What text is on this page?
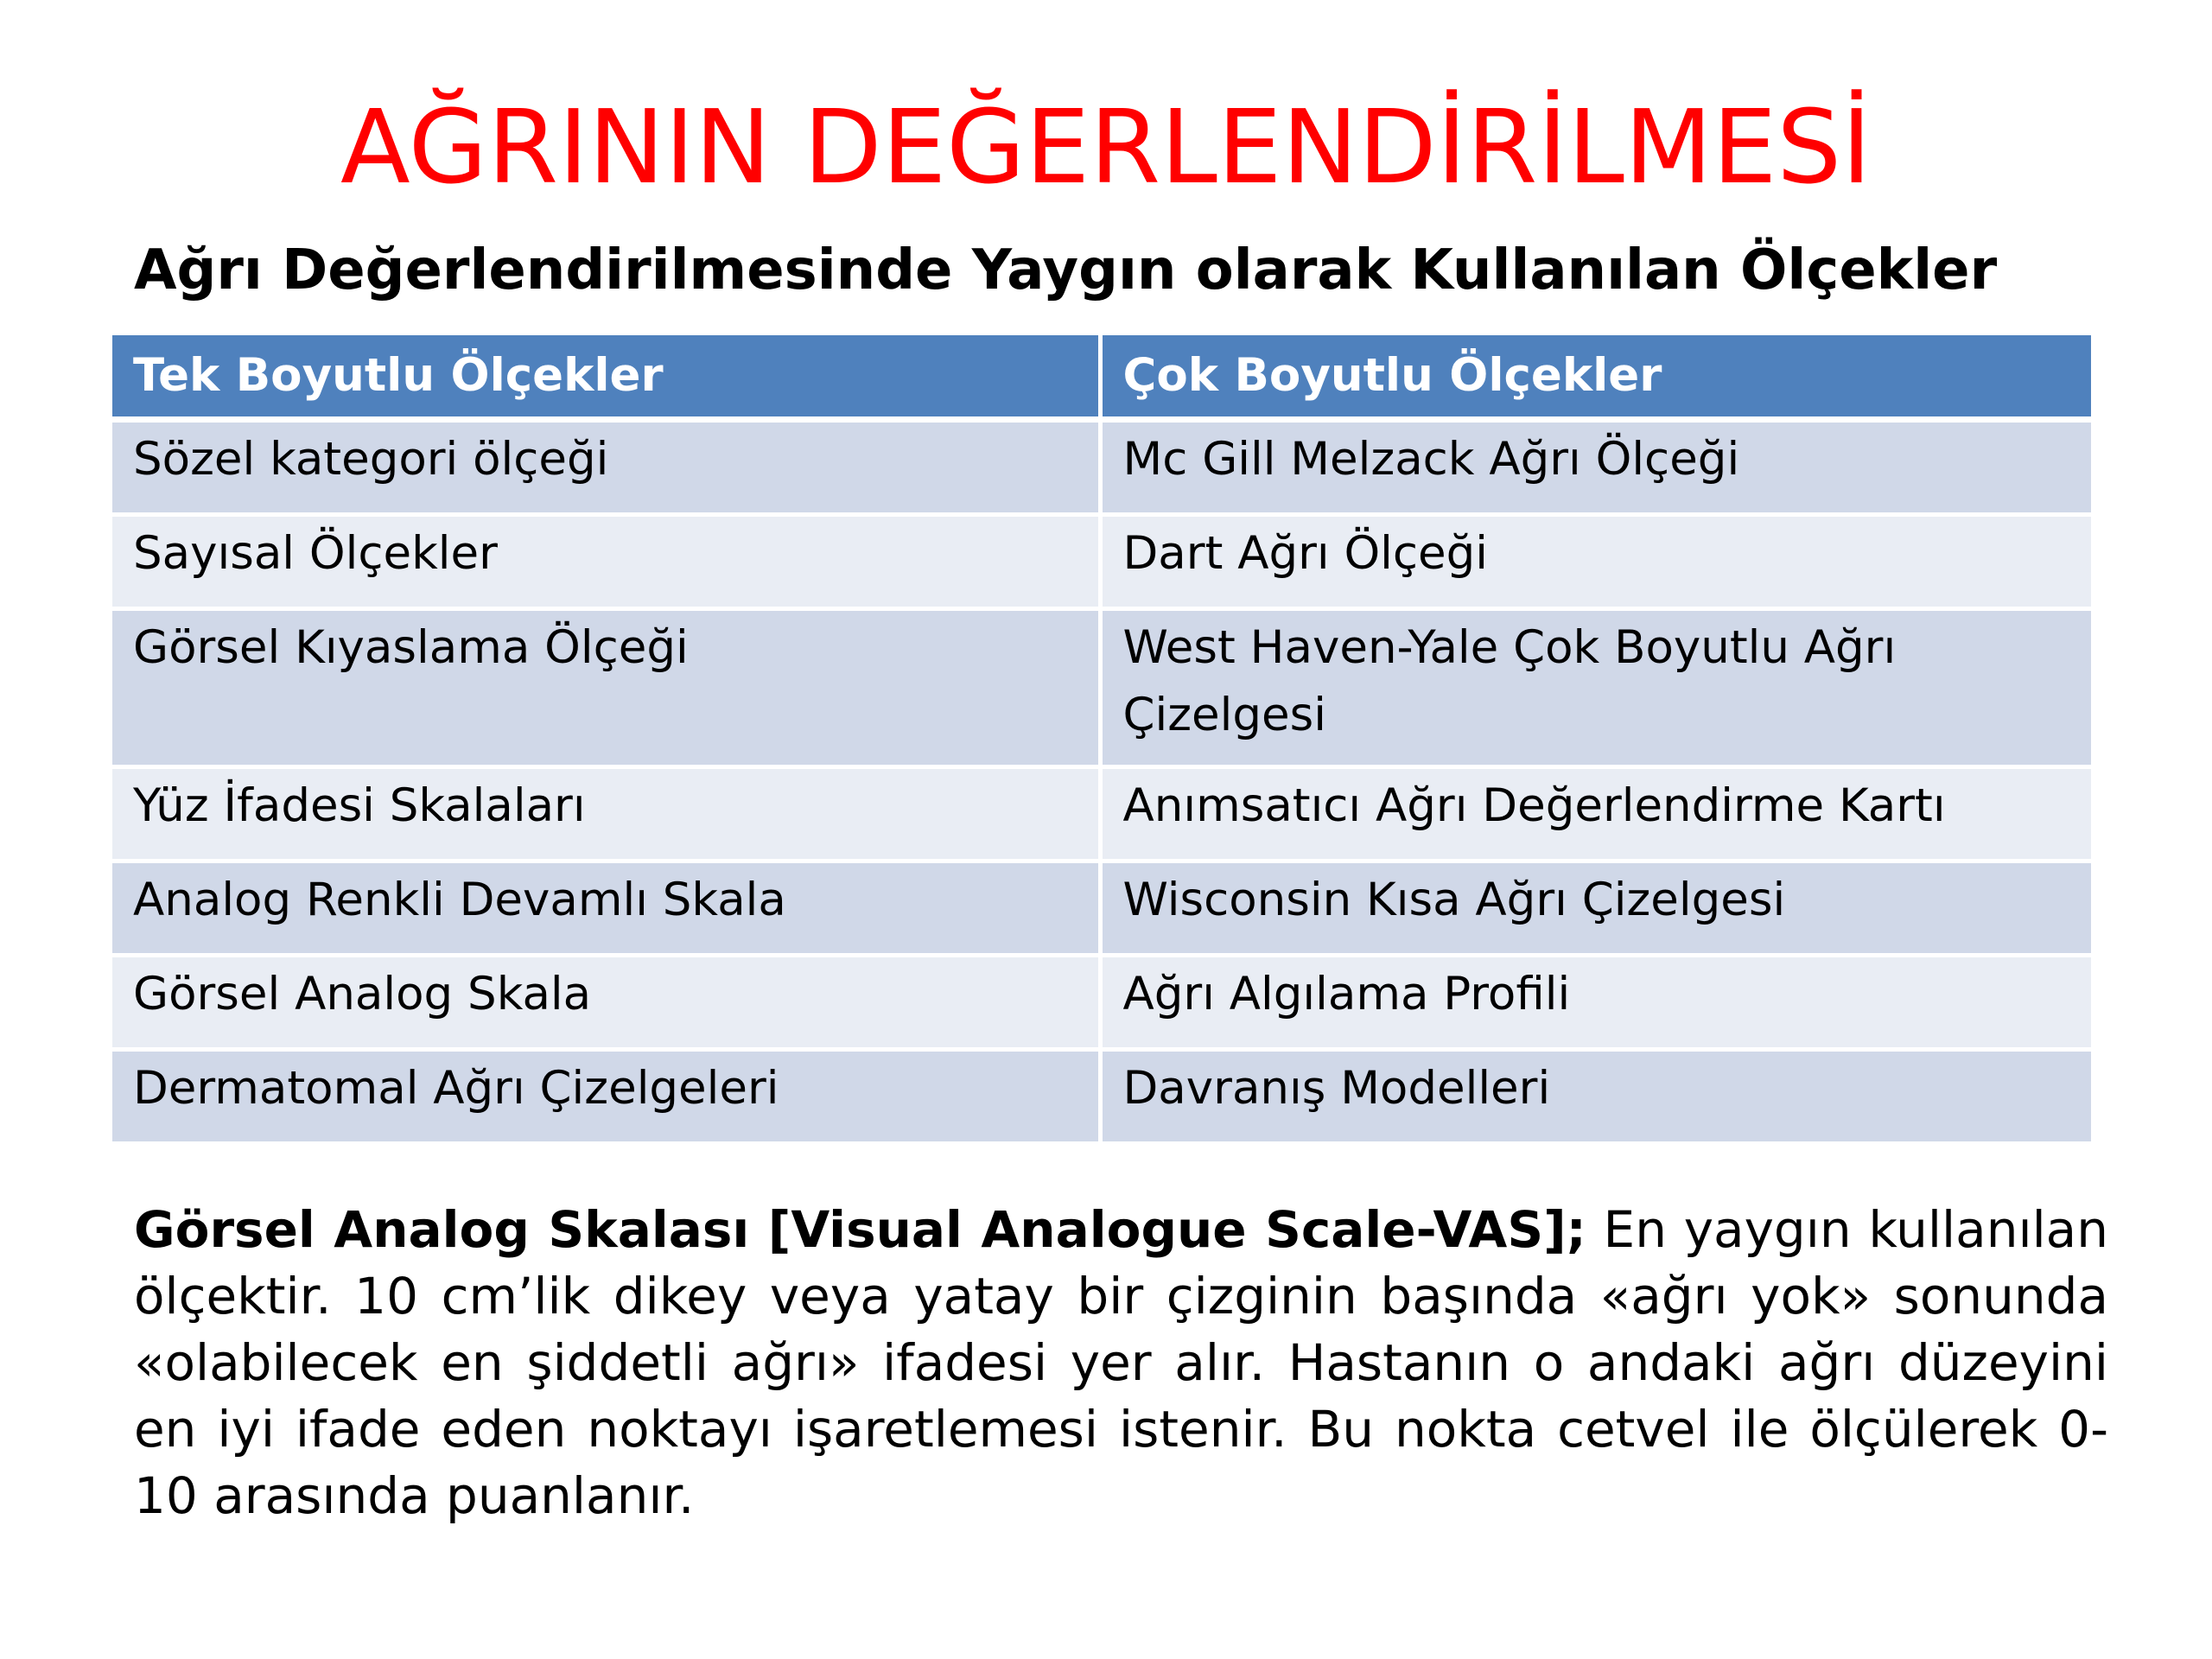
AĞRININ DEĞERLENDİRİLMESİ
Ağrı Değerlendirilmesinde Yaygın olarak Kullanılan Ölçekler
Tek Boyutlu Ölçekler	Çok Boyutlu Ölçekler
Sözel kategori ölçeği	Mc Gill Melzack Ağrı Ölçeği
Sayısal Ölçekler	Dart Ağrı Ölçeği
Görsel Kıyaslama Ölçeği	West Haven-Yale Çok Boyutlu Ağrı Çizelgesi
Yüz İfadesi Skalaları	Anımsatıcı Ağrı Değerlendirme Kartı
Analog Renkli Devamlı Skala	Wisconsin Kısa Ağrı Çizelgesi
Görsel Analog Skala	Ağrı Algılama Profili
Dermatomal Ağrı Çizelgeleri	Davranış Modelleri
Görsel Analog Skalası [Visual Analogue Scale-VAS]; En yaygın kullanılan ölçektir. 10 cm’lik dikey veya yatay bir çizginin başında «ağrı yok» sonunda «olabilecek en şiddetli ağrı» ifadesi yer alır. Hastanın o andaki ağrı düzeyini en iyi ifade eden noktayı işaretlemesi istenir. Bu nokta cetvel ile ölçülerek 0-10 arasında puanlanır.
